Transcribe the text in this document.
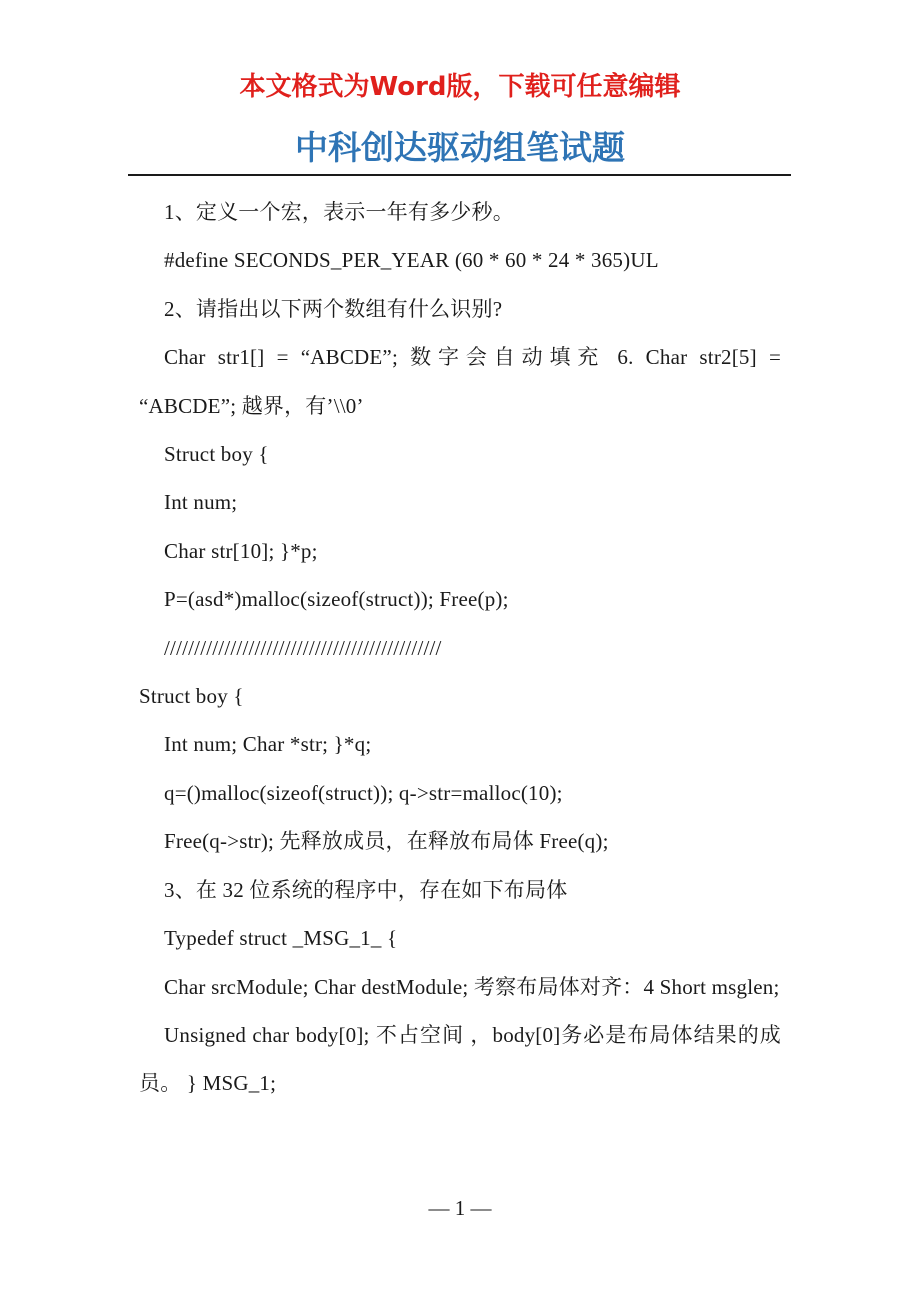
本文格式为Word版，下载可任意编辑
中科创达驱动组笔试题

1、定义一个宏，表示一年有多少秒。

#define SECONDS_PER_YEAR (60 * 60 * 24 * 365)UL

2、请指出以下两个数组有什么识别?

Char str1[] = “ABCDE”; 数字会自动填充 6. Char str2[5] = “ABCDE”; 越界，有’\\0’

Struct boy {

Int num;

Char str[10]; }*p;

P=(asd*)malloc(sizeof(struct)); Free(p);

//////////////////////////////////////////////

Struct boy {

Int num; Char *str; }*q;

q=()malloc(sizeof(struct)); q->str=malloc(10);

Free(q->str); 先释放成员，在释放布局体 Free(q);

3、在 32 位系统的程序中，存在如下布局体

Typedef struct _MSG_1_ {

Char srcModule; Char destModule; 考察布局体对齐：4 Short msglen;

Unsigned char body[0]; 不占空间 ，body[0]务必是布局体结果的成员。 } MSG_1;

— 1 —
